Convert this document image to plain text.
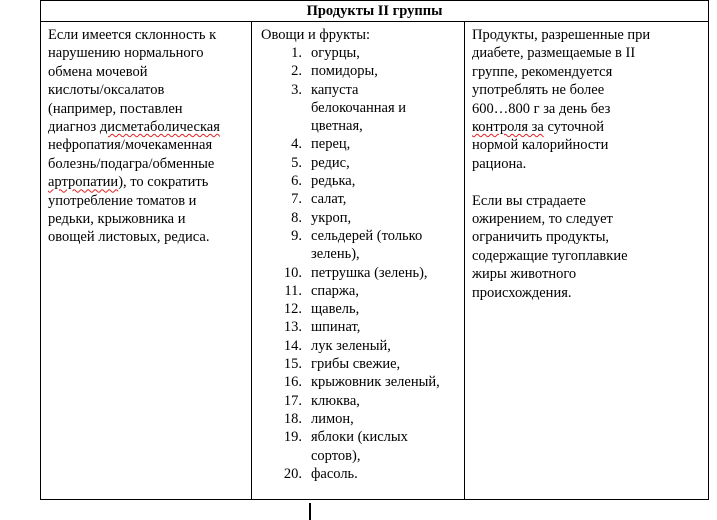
Продукты II группы

Если имеется склонность к
нарушению нормального
обмена мочевой
кислоты/оксалатов
(например, поставлен
диагноз дисметаболическая
нефропатия/мочекаменная
болезнь/подагра/обменные
артропатии), то сократить
употребление томатов и
редьки, крыжовника и
овощей листовых, редиса.

Овощи и фрукты:
1. огурцы,
2. помидоры,
3. капуста
белокочанная и
цветная,
4. перец,
5. редис,
6. редька,
7. салат,
8. укроп,
9. сельдерей (только
зелень),
10. петрушка (зелень),
11. спаржа,
12. щавель,
13. шпинат,
14. лук зеленый,
15. грибы свежие,
16. крыжовник зеленый,
17. клюква,
18. лимон,
19. яблоки (кислых
сортов),
20. фасоль.

Продукты, разрешенные при
диабете, размещаемые в II
группе, рекомендуется
употреблять не более
600…800 г за день без
контроля за суточной
нормой калорийности
рациона.
Если вы страдаете
ожирением, то следует
ограничить продукты,
содержащие тугоплавкие
жиры животного
происхождения.
